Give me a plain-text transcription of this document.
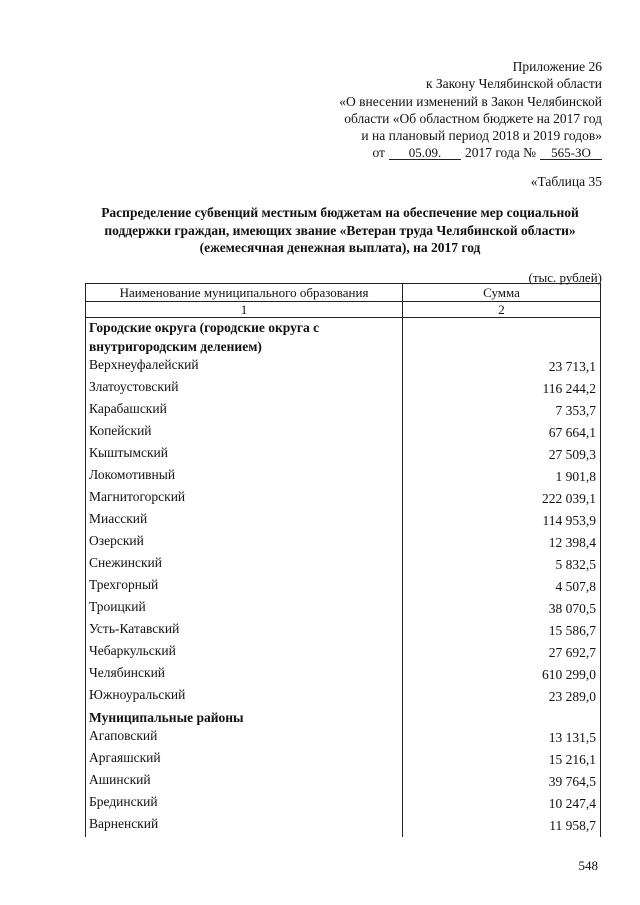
Приложение 26
к Закону Челябинской области
«О внесении изменений в Закон Челябинской
области «Об областном бюджете на 2017 год
и на плановый период 2018 и 2019 годов»
от	05.09.	2017 года №	565-ЗО
«Таблица 35
Распределение субвенций местным бюджетам на обеспечение мер социальной
поддержки граждан, имеющих звание «Ветеран труда Челябинской области»
(ежемесячная денежная выплата), на 2017 год
(тыс. рублей)
Наименование муниципального образования	Сумма
1	2
Городские округа (городские округа с внутригородским делением)	
Верхнеуфалейский	23 713,1
Златоустовский	116 244,2
Карабашский	7 353,7
Копейский	67 664,1
Кыштымский	27 509,3
Локомотивный	1 901,8
Магнитогорский	222 039,1
Миасский	114 953,9
Озерский	12 398,4
Снежинский	5 832,5
Трехгорный	4 507,8
Троицкий	38 070,5
Усть-Катавский	15 586,7
Чебаркульский	27 692,7
Челябинский	610 299,0
Южноуральский	23 289,0
Муниципальные районы	
Агаповский	13 131,5
Аргаяшский	15 216,1
Ашинский	39 764,5
Брединский	10 247,4
Варненский	11 958,7
548
